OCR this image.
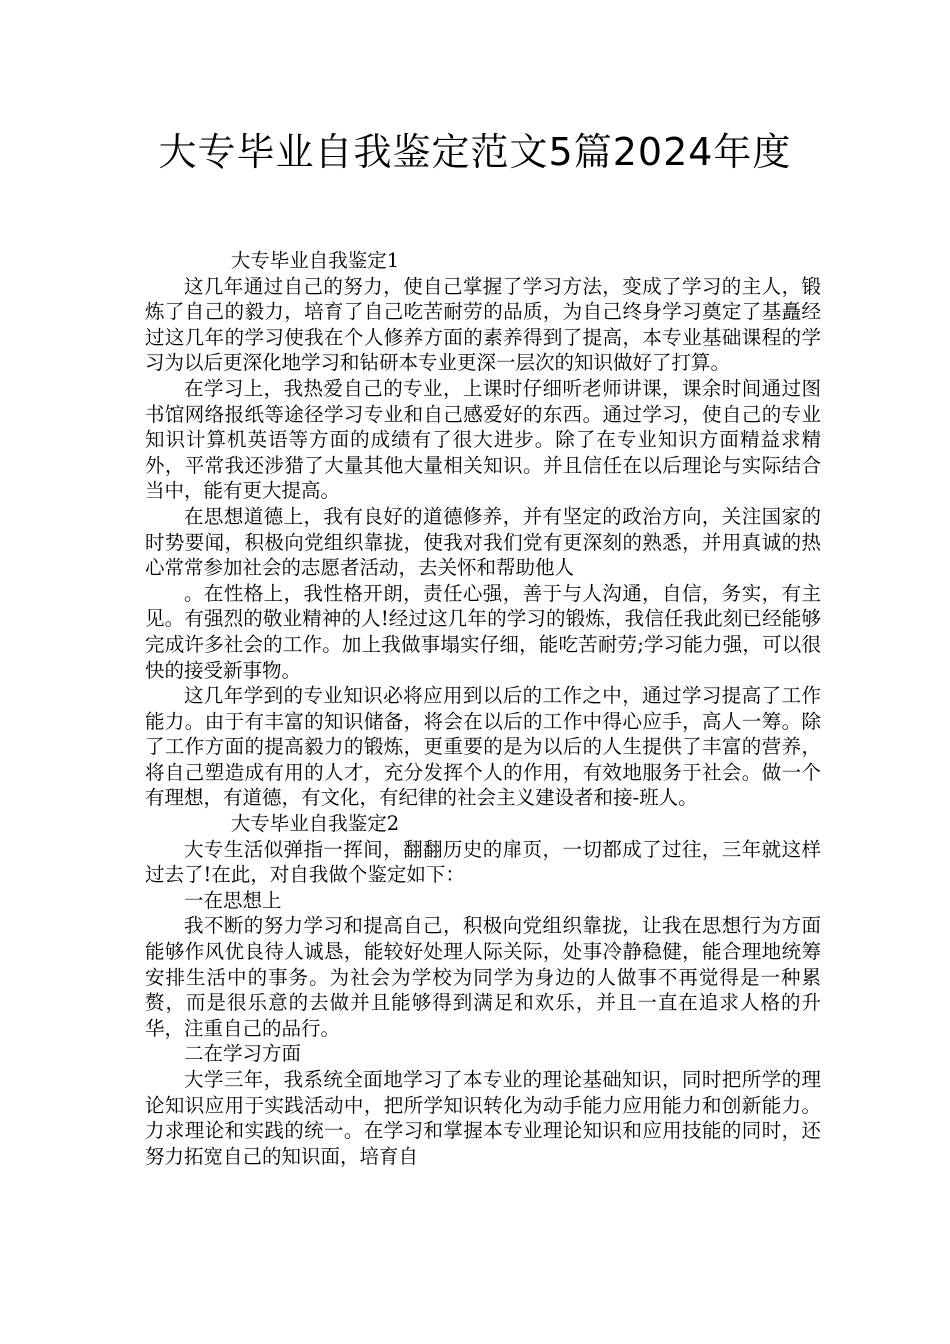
大专毕业自我鉴定范文5篇2024年度

大专毕业自我鉴定1

这几年通过自己的努力，使自己掌握了学习方法，变成了学习的主人，锻炼了自己的毅力，培育了自己吃苦耐劳的品质，为自己终身学习奠定了基矗经过这几年的学习使我在个人修养方面的素养得到了提高，本专业基础课程的学习为以后更深化地学习和钻研本专业更深一层次的知识做好了打算。

在学习上，我热爱自己的专业，上课时仔细听老师讲课，课余时间通过图书馆网络报纸等途径学习专业和自己感爱好的东西。通过学习，使自己的专业知识计算机英语等方面的成绩有了很大进步。除了在专业知识方面精益求精外，平常我还涉猎了大量其他大量相关知识。并且信任在以后理论与实际结合当中，能有更大提高。

在思想道德上，我有良好的道德修养，并有坚定的政治方向，关注国家的时势要闻，积极向党组织靠拢，使我对我们党有更深刻的熟悉，并用真诚的热心常常参加社会的志愿者活动，去关怀和帮助他人

。在性格上，我性格开朗，责任心强，善于与人沟通，自信，务实，有主见。有强烈的敬业精神的人!经过这几年的学习的锻炼，我信任我此刻已经能够完成许多社会的工作。加上我做事塌实仔细，能吃苦耐劳;学习能力强，可以很快的接受新事物。

这几年学到的专业知识必将应用到以后的工作之中，通过学习提高了工作能力。由于有丰富的知识储备，将会在以后的工作中得心应手，高人一筹。除了工作方面的提高毅力的锻炼，更重要的是为以后的人生提供了丰富的营养，将自己塑造成有用的人才，充分发挥个人的作用，有效地服务于社会。做一个有理想，有道德，有文化，有纪律的社会主义建设者和接-班人。

大专毕业自我鉴定2

大专生活似弹指一挥间，翻翻历史的扉页，一切都成了过往，三年就这样过去了!在此，对自我做个鉴定如下：

一在思想上

我不断的努力学习和提高自己，积极向党组织靠拢，让我在思想行为方面能够作风优良待人诚恳，能较好处理人际关际，处事冷静稳健，能合理地统筹安排生活中的事务。为社会为学校为同学为身边的人做事不再觉得是一种累赘，而是很乐意的去做并且能够得到满足和欢乐，并且一直在追求人格的升华，注重自己的品行。

二在学习方面

大学三年，我系统全面地学习了本专业的理论基础知识，同时把所学的理论知识应用于实践活动中，把所学知识转化为动手能力应用能力和创新能力。力求理论和实践的统一。在学习和掌握本专业理论知识和应用技能的同时，还努力拓宽自己的知识面，培育自
